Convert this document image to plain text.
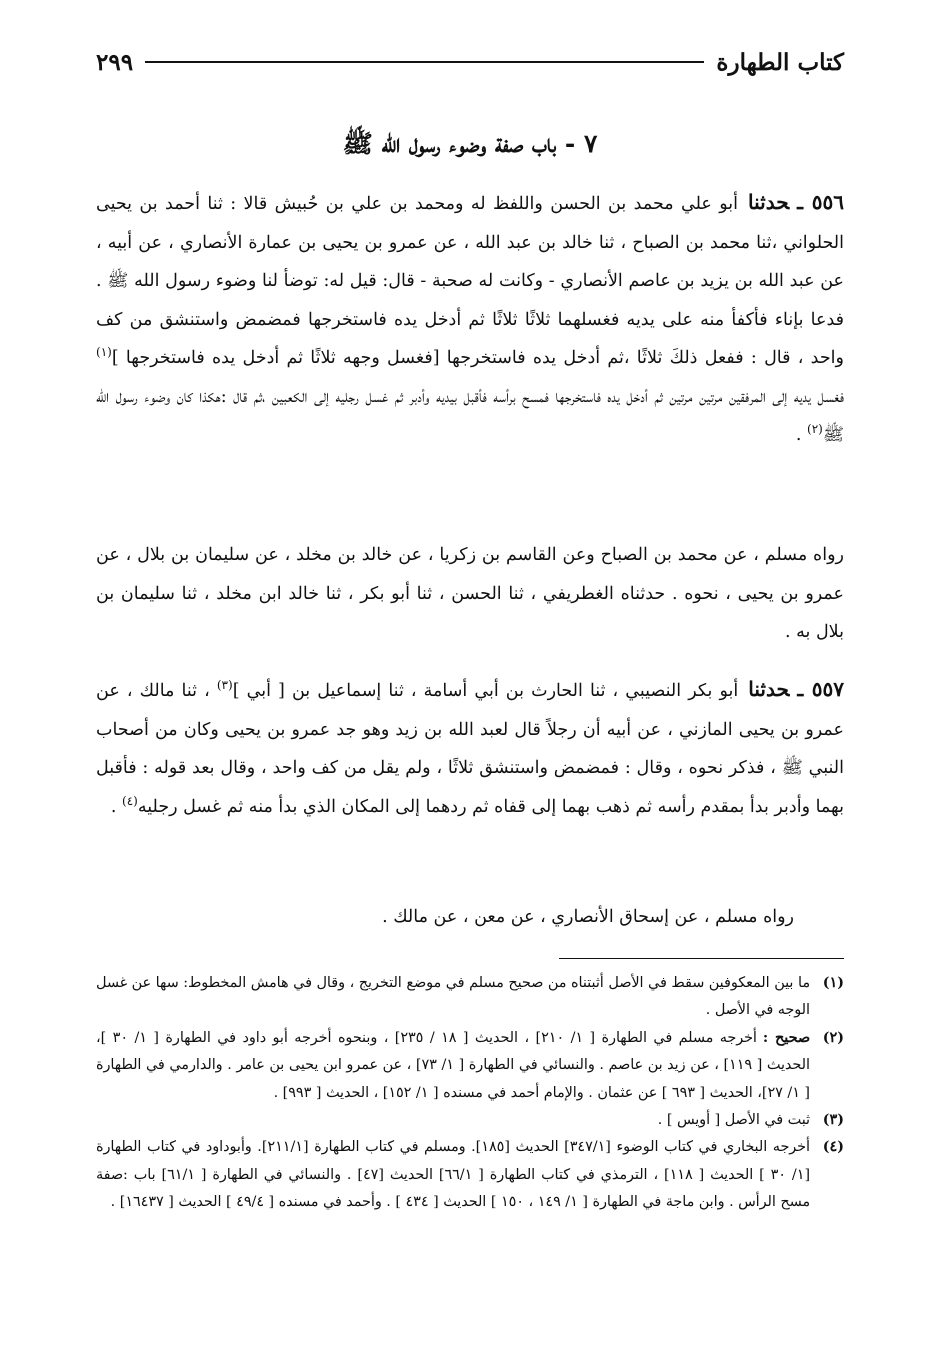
كتاب الطهارة
٢٩٩
٧ - باب صفة وضوء رسول الله ﷺ
٥٥٦ ـحدثناأبو علي محمد بن الحسن واللفظ له ومحمد بن علي بن حُبيش قالا : ثنا أحمد بن يحيى الحلواني ،ثنا محمد بن الصباح ، ثنا خالد بن عبد الله ، عن عمرو بن يحيى بن عمارة الأنصاري ، عن أبيه ، عن عبد الله بن يزيد بن عاصم الأنصاري - وكانت له صحبة - قال: قيل له: توضأ لنا وضوء رسول الله ﷺ . فدعا بإناء فأكفأ منه على يديه فغسلهما ثلاثًا ثلاثًا ثم أدخل يده فاستخرجها فمضمض واستنشق من كف واحد ، قال : ففعل ذلكَ ثلاثًا ،ثم أدخل يده فاستخرجها [فغسل وجهه ثلاثًا ثم أدخل يده فاستخرجها ]$^{(١)}$ فغسل يديه إلى المرفقين مرتين مرتين ثم أدخل يده فاستخرجها فمسح برأسه فأقبل بيديه وأدبر ثم غسل رجليه إلى الكعبين ،ثم قال :هكذا كان وضوء رسول الله ﷺ$^{(٢)}$ .
رواه مسلم ، عن محمد بن الصباح وعن القاسم بن زكريا ، عن خالد بن مخلد ، عن سليمان بن بلال ، عن عمرو بن يحيى ، نحوه . حدثناه الغطريفي ، ثنا الحسن ، ثنا أبو بكر ، ثنا خالد ابن مخلد ، ثنا سليمان بن بلال به .
٥٥٧ ـحدثناأبو بكر النصيبي ، ثنا الحارث بن أبي أسامة ، ثنا إسماعيل بن [ أبي ]$^{(٣)}$ ، ثنا مالك ، عن عمرو بن يحيى المازني ، عن أبيه أن رجلاً قال لعبد الله بن زيد وهو جد عمرو بن يحيى وكان من أصحاب النبي ﷺ ، فذكر نحوه ، وقال : فمضمض واستنشق ثلاثًا ، ولم يقل من كف واحد ، وقال بعد قوله : فأقبل بهما وأدبر بدأ بمقدم رأسه ثم ذهب بهما إلى قفاه ثم ردهما إلى المكان الذي بدأ منه ثم غسل رجليه$^{(٤)}$ .
رواه مسلم ، عن إسحاق الأنصاري ، عن معن ، عن مالك .
(١)
ما بين المعكوفين سقط في الأصل أثبتناه من صحيح مسلم في موضع التخريج ، وقال في هامش المخطوط: سها عن غسل الوجه في الأصل .
(٢)
صحيح :أخرجه مسلم في الطهارة [ ١/ ٢١٠] ، الحديث [ ١٨ / ٢٣٥] ، وبنحوه أخرجه أبو داود في الطهارة [ ١/ ٣٠ ]، الحديث [ ١١٩] ، عن زيد بن عاصم . والنسائي في الطهارة [ ١/ ٧٣] ، عن عمرو ابن يحيى بن عامر . والدارمي في الطهارة [ ١/ ٢٧]، الحديث [ ٦٩٣ ] عن عثمان . والإمام أحمد في مسنده [ ١/ ١٥٢] ، الحديث [ ٩٩٣] .
(٣)
ثبت في الأصل [ أويس ] .
(٤)
أخرجه البخاري في كتاب الوضوء [٣٤٧/١] الحديث [١٨٥]. ومسلم في كتاب الطهارة [٢١١/١]. وأبوداود في كتاب الطهارة [١/ ٣٠ ] الحديث [ ١١٨] ، الترمذي في كتاب الطهارة [ ٦٦/١] الحديث [٤٧] . والنسائي في الطهارة [ ٦١/١] باب :صفة مسح الرأس . وابن ماجة في الطهارة [ ١/ ١٤٩ ، ١٥٠ ] الحديث [ ٤٣٤ ] . وأحمد في مسنده [ ٤٩/٤ ] الحديث [ ١٦٤٣٧] .
